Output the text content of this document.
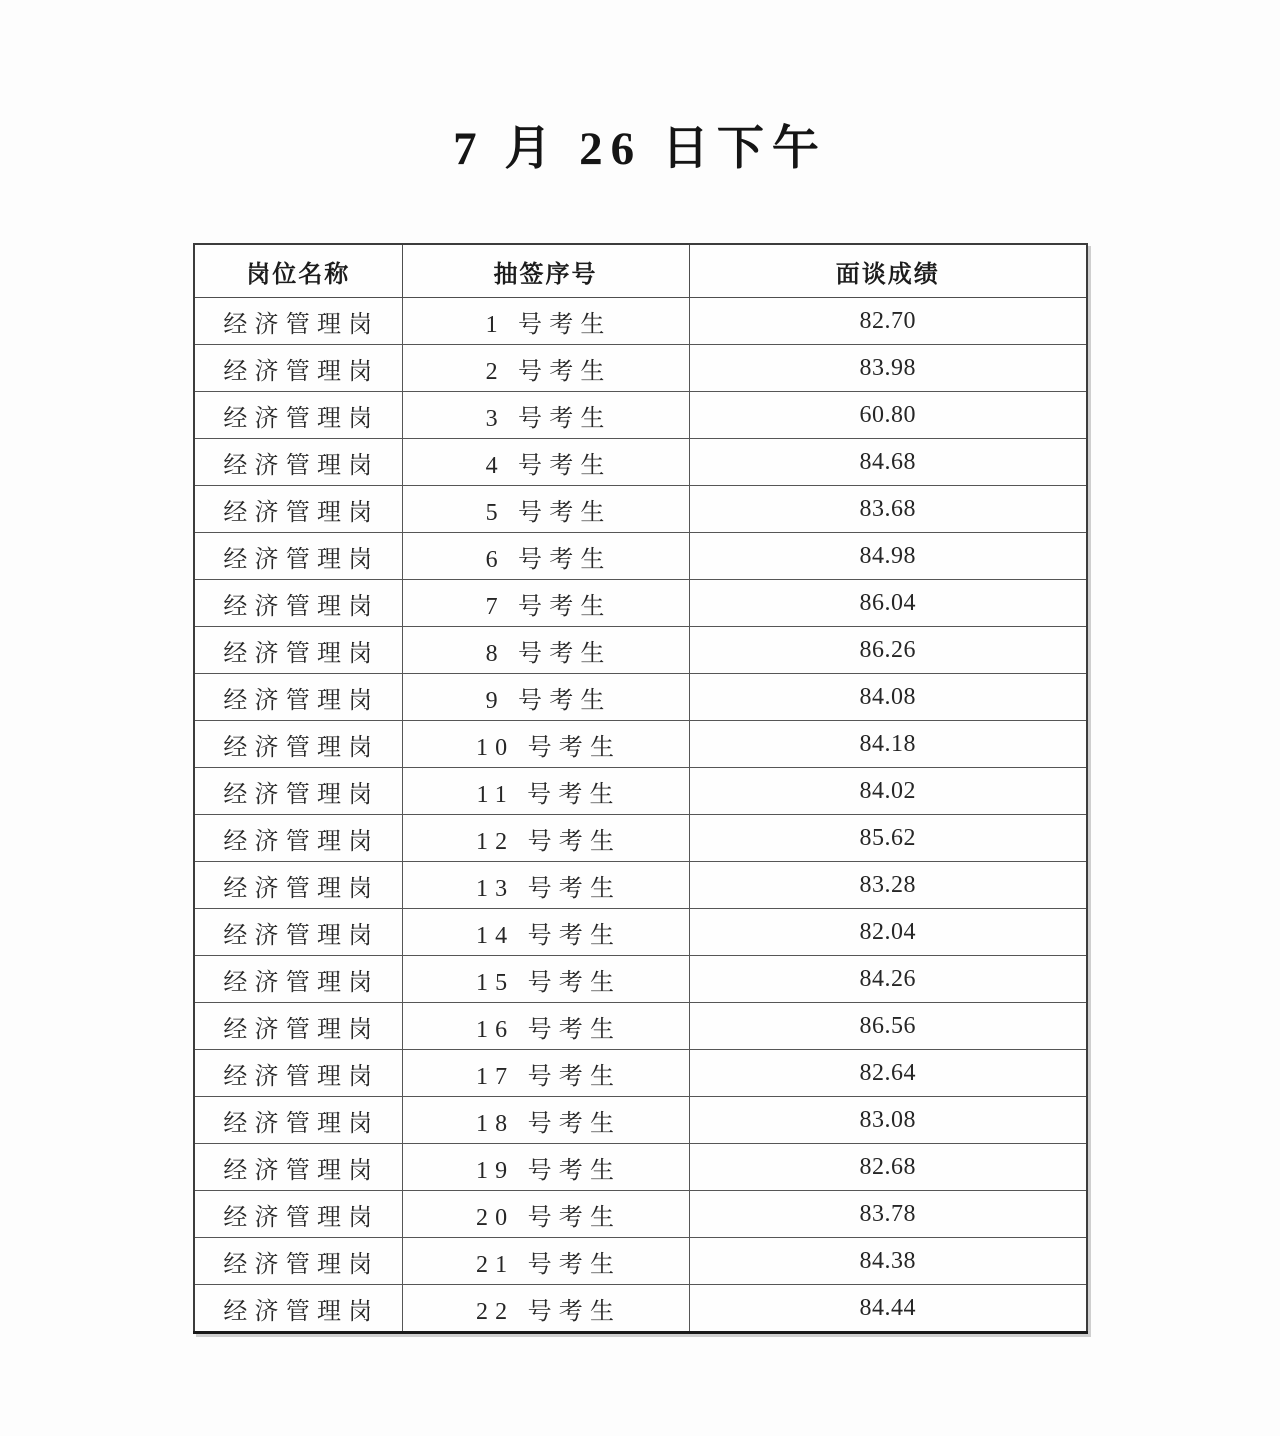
7 月 26 日下午
岗位名称	抽签序号	面谈成绩
经济管理岗	1 号考生	82.70
经济管理岗	2 号考生	83.98
经济管理岗	3 号考生	60.80
经济管理岗	4 号考生	84.68
经济管理岗	5 号考生	83.68
经济管理岗	6 号考生	84.98
经济管理岗	7 号考生	86.04
经济管理岗	8 号考生	86.26
经济管理岗	9 号考生	84.08
经济管理岗	10 号考生	84.18
经济管理岗	11 号考生	84.02
经济管理岗	12 号考生	85.62
经济管理岗	13 号考生	83.28
经济管理岗	14 号考生	82.04
经济管理岗	15 号考生	84.26
经济管理岗	16 号考生	86.56
经济管理岗	17 号考生	82.64
经济管理岗	18 号考生	83.08
经济管理岗	19 号考生	82.68
经济管理岗	20 号考生	83.78
经济管理岗	21 号考生	84.38
经济管理岗	22 号考生	84.44
